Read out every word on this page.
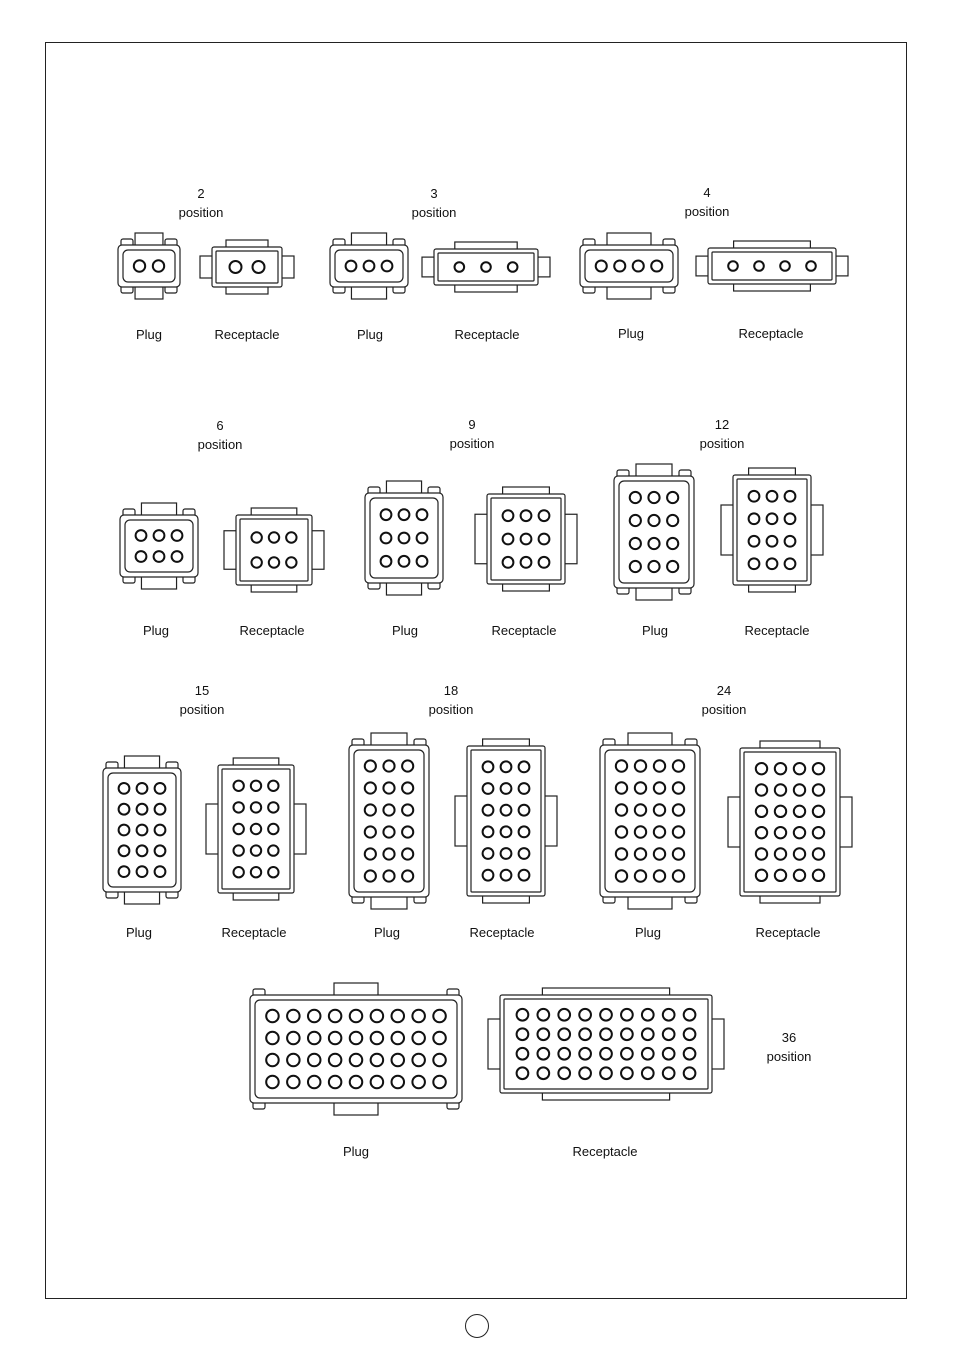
2
position
3
position
4
position
6
position
9
position
12
position
15
position
18
position
24
position
36
position
Plug	Receptacle	Plug	Receptacle	Plug	Receptacle
Plug	Receptacle	Plug	Receptacle	Plug	Receptacle
Plug	Receptacle	Plug	Receptacle	Plug	Receptacle
Plug	Receptacle
